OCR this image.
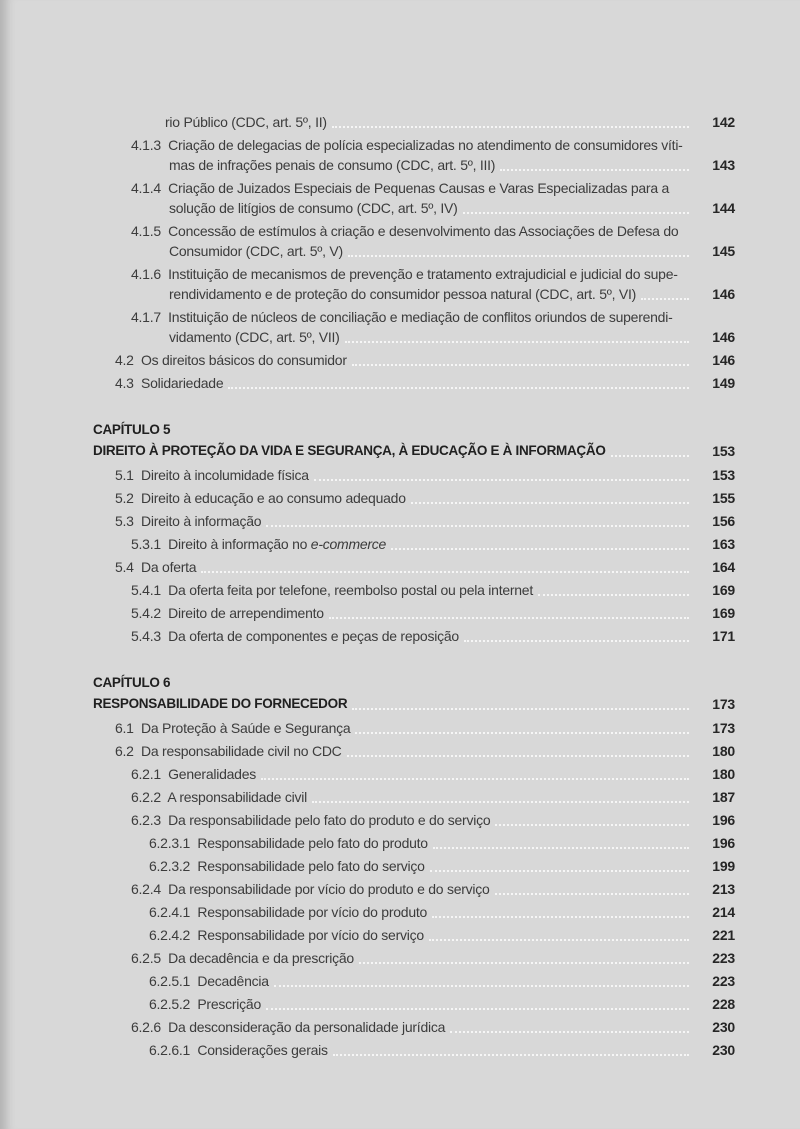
rio Público (CDC, art. 5º, II)	142
4.1.3  Criação de delegacias de polícia especializadas no atendimento de consumidores víti-
mas de infrações penais de consumo (CDC, art. 5º, III)	143
4.1.4  Criação de Juizados Especiais de Pequenas Causas e Varas Especializadas para a
solução de litígios de consumo (CDC, art. 5º, IV)	144
4.1.5  Concessão de estímulos à criação e desenvolvimento das Associações de Defesa do
Consumidor (CDC, art. 5º, V)	145
4.1.6  Instituição de mecanismos de prevenção e tratamento extrajudicial e judicial do supe-
rendividamento e de proteção do consumidor pessoa natural (CDC, art. 5º, VI)	146
4.1.7  Instituição de núcleos de conciliação e mediação de conflitos oriundos de superendi-
vidamento (CDC, art. 5º, VII)	146
4.2  Os direitos básicos do consumidor	146
4.3  Solidariedade	149
CAPÍTULO 5
DIREITO À PROTEÇÃO DA VIDA E SEGURANÇA, À EDUCAÇÃO E À INFORMAÇÃO	153
5.1  Direito à incolumidade física	153
5.2  Direito à educação e ao consumo adequado	155
5.3  Direito à informação	156
5.3.1  Direito à informação no e-commerce	163
5.4  Da oferta	164
5.4.1  Da oferta feita por telefone, reembolso postal ou pela internet	169
5.4.2  Direito de arrependimento	169
5.4.3  Da oferta de componentes e peças de reposição	171
CAPÍTULO 6
RESPONSABILIDADE DO FORNECEDOR	173
6.1  Da Proteção à Saúde e Segurança	173
6.2  Da responsabilidade civil no CDC	180
6.2.1  Generalidades	180
6.2.2  A responsabilidade civil	187
6.2.3  Da responsabilidade pelo fato do produto e do serviço	196
6.2.3.1  Responsabilidade pelo fato do produto	196
6.2.3.2  Responsabilidade pelo fato do serviço	199
6.2.4  Da responsabilidade por vício do produto e do serviço	213
6.2.4.1  Responsabilidade por vício do produto	214
6.2.4.2  Responsabilidade por vício do serviço	221
6.2.5  Da decadência e da prescrição	223
6.2.5.1  Decadência	223
6.2.5.2  Prescrição	228
6.2.6  Da desconsideração da personalidade jurídica	230
6.2.6.1  Considerações gerais	230
